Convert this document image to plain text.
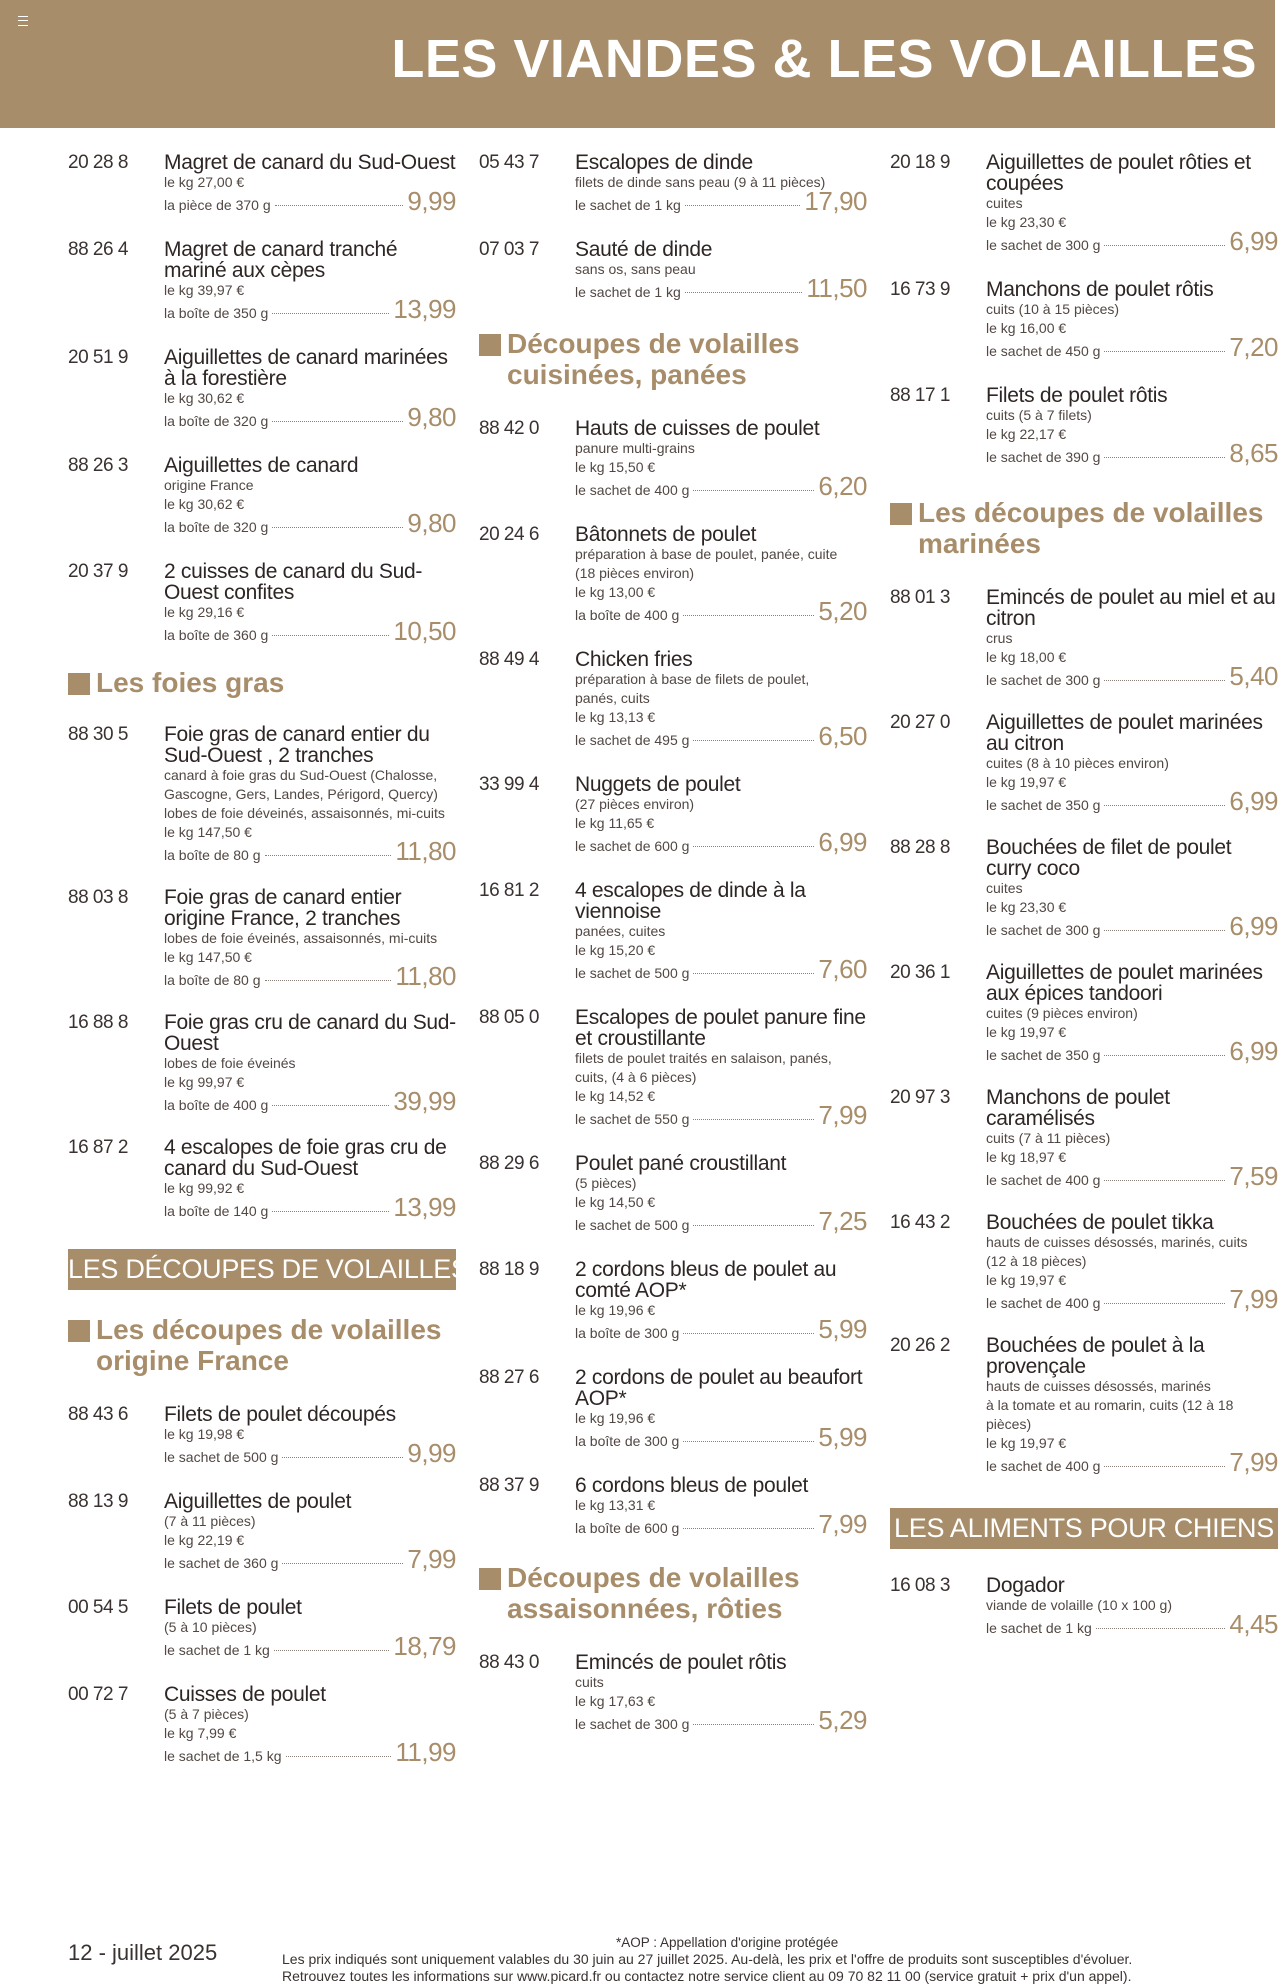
LES VIANDES & LES VOLAILLES
20 28 8 Magret de canard du Sud-Ouest
le kg 27,00 €
la pièce de 370 g	9,99
88 26 4 Magret de canard tranché mariné aux cèpes
le kg 39,97 €
la boîte de 350 g	13,99
20 51 9 Aiguillettes de canard marinées à la forestière
le kg 30,62 €
la boîte de 320 g	9,80
88 26 3 Aiguillettes de canard
origine France
le kg 30,62 €
la boîte de 320 g	9,80
20 37 9 2 cuisses de canard du Sud-Ouest confites
le kg 29,16 €
la boîte de 360 g	10,50
Les foies gras
88 30 5 Foie gras de canard entier du Sud-Ouest , 2 tranches
canard à foie gras du Sud-Ouest (Chalosse, Gascogne, Gers, Landes, Périgord, Quercy)
lobes de foie déveinés, assaisonnés, mi-cuits
le kg 147,50 €
la boîte de 80 g	11,80
88 03 8 Foie gras de canard entier origine France, 2 tranches
lobes de foie éveinés, assaisonnés, mi-cuits
le kg 147,50 €
la boîte de 80 g	11,80
16 88 8 Foie gras cru de canard du Sud-Ouest
lobes de foie éveinés
le kg 99,97 €
la boîte de 400 g	39,99
16 87 2 4 escalopes de foie gras cru de canard du Sud-Ouest
le kg 99,92 €
la boîte de 140 g	13,99
LES DÉCOUPES DE VOLAILLES
Les découpes de volailles origine France
88 43 6 Filets de poulet découpés
le kg 19,98 €
le sachet de 500 g	9,99
88 13 9 Aiguillettes de poulet
(7 à 11 pièces)
le kg 22,19 €
le sachet de 360 g	7,99
00 54 5 Filets de poulet
(5 à 10 pièces)
le sachet de 1 kg	18,79
00 72 7 Cuisses de poulet
(5 à 7 pièces)
le kg 7,99 €
le sachet de 1,5 kg	11,99
05 43 7 Escalopes de dinde
filets de dinde sans peau (9 à 11 pièces)
le sachet de 1 kg	17,90
07 03 7 Sauté de dinde
sans os, sans peau
le sachet de 1 kg	11,50
Découpes de volailles cuisinées, panées
88 42 0 Hauts de cuisses de poulet
panure multi-grains
le kg 15,50 €
le sachet de 400 g	6,20
20 24 6 Bâtonnets de poulet
préparation à base de poulet, panée, cuite
(18 pièces environ)
le kg 13,00 €
la boîte de 400 g	5,20
88 49 4 Chicken fries
préparation à base de filets de poulet,
panés, cuits
le kg 13,13 €
le sachet de 495 g	6,50
33 99 4 Nuggets de poulet
(27 pièces environ)
le kg 11,65 €
le sachet de 600 g	6,99
16 81 2 4 escalopes de dinde à la viennoise
panées, cuites
le kg 15,20 €
le sachet de 500 g	7,60
88 05 0 Escalopes de poulet panure fine et croustillante
filets de poulet traités en salaison, panés,
cuits, (4 à 6 pièces)
le kg 14,52 €
le sachet de 550 g	7,99
88 29 6 Poulet pané croustillant
(5 pièces)
le kg 14,50 €
le sachet de 500 g	7,25
88 18 9 2 cordons bleus de poulet au comté AOP*
le kg 19,96 €
la boîte de 300 g	5,99
88 27 6 2 cordons de poulet au beaufort AOP*
le kg 19,96 €
la boîte de 300 g	5,99
88 37 9 6 cordons bleus de poulet
le kg 13,31 €
la boîte de 600 g	7,99
Découpes de volailles assaisonnées, rôties
88 43 0 Emincés de poulet rôtis
cuits
le kg 17,63 €
le sachet de 300 g	5,29
20 18 9 Aiguillettes de poulet rôties et coupées
cuites
le kg 23,30 €
le sachet de 300 g	6,99
16 73 9 Manchons de poulet rôtis
cuits (10 à 15 pièces)
le kg 16,00 €
le sachet de 450 g	7,20
88 17 1 Filets de poulet rôtis
cuits (5 à 7 filets)
le kg 22,17 €
le sachet de 390 g	8,65
Les découpes de volailles marinées
88 01 3 Emincés de poulet au miel et au citron
crus
le kg 18,00 €
le sachet de 300 g	5,40
20 27 0 Aiguillettes de poulet marinées au citron
cuites (8 à 10 pièces environ)
le kg 19,97 €
le sachet de 350 g	6,99
88 28 8 Bouchées de filet de poulet curry coco
cuites
le kg 23,30 €
le sachet de 300 g	6,99
20 36 1 Aiguillettes de poulet marinées aux épices tandoori
cuites (9 pièces environ)
le kg 19,97 €
le sachet de 350 g	6,99
20 97 3 Manchons de poulet caramélisés
cuits (7 à 11 pièces)
le kg 18,97 €
le sachet de 400 g	7,59
16 43 2 Bouchées de poulet tikka
hauts de cuisses désossés, marinés, cuits
(12 à 18 pièces)
le kg 19,97 €
le sachet de 400 g	7,99
20 26 2 Bouchées de poulet à la provençale
hauts de cuisses désossés, marinés
à la tomate et au romarin, cuits (12 à 18 pièces)
le kg 19,97 €
le sachet de 400 g	7,99
LES ALIMENTS POUR CHIENS
16 08 3 Dogador
viande de volaille (10 x 100 g)
le sachet de 1 kg	4,45
12 - juillet 2025	*AOP : Appellation d'origine protégée
Les prix indiqués sont uniquement valables du 30 juin au 27 juillet 2025. Au-delà, les prix et l'offre de produits sont susceptibles d'évoluer.
Retrouvez toutes les informations sur www.picard.fr ou contactez notre service client au 09 70 82 11 00 (service gratuit + prix d'un appel).
